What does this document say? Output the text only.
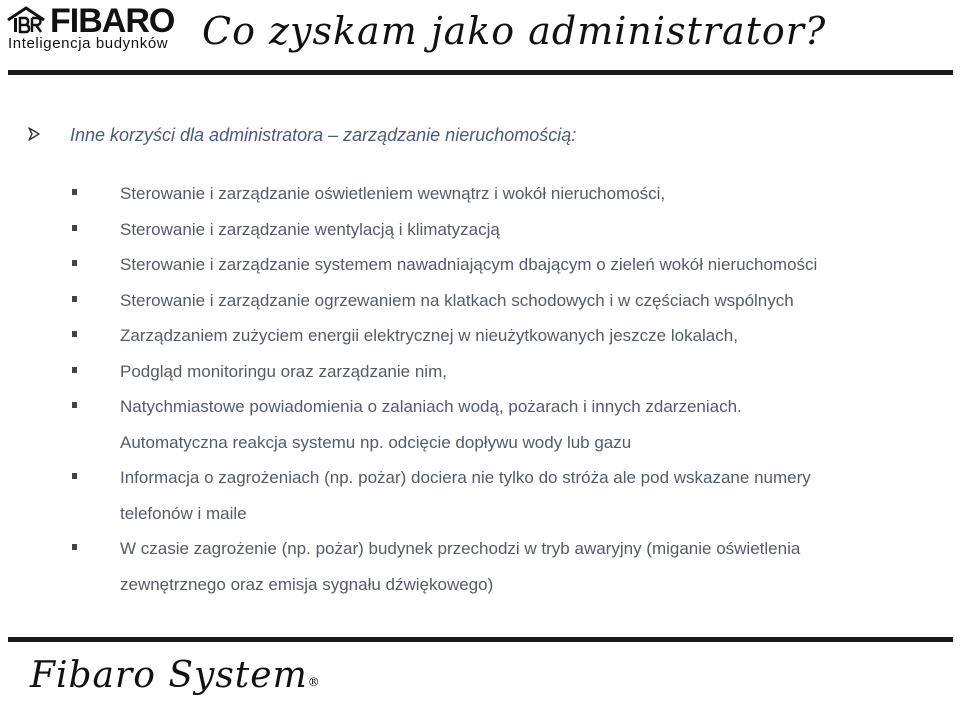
FIBARO
Inteligencja budynków Co zyskam jako administrator?
Inne korzyści dla administratora – zarządzanie nieruchomością:
Sterowanie i zarządzanie oświetleniem wewnątrz i wokół nieruchomości,
Sterowanie i zarządzanie wentylacją i klimatyzacją
Sterowanie i zarządzanie systemem nawadniającym dbającym o zieleń wokół nieruchomości
Sterowanie i zarządzanie ogrzewaniem na klatkach schodowych i w częściach wspólnych
Zarządzaniem zużyciem energii elektrycznej w nieużytkowanych jeszcze lokalach,
Podgląd monitoringu oraz zarządzanie nim,
Natychmiastowe powiadomienia o zalaniach wodą, pożarach i innych zdarzeniach.
Automatyczna reakcja systemu np. odcięcie dopływu wody lub gazu
Informacja o zagrożeniach (np. pożar) dociera nie tylko do stróża ale pod wskazane numery
telefonów i maile
W czasie zagrożenie (np. pożar) budynek przechodzi w tryb awaryjny (miganie oświetlenia
zewnętrznego oraz emisja sygnału dźwiękowego)
Fibaro System®
